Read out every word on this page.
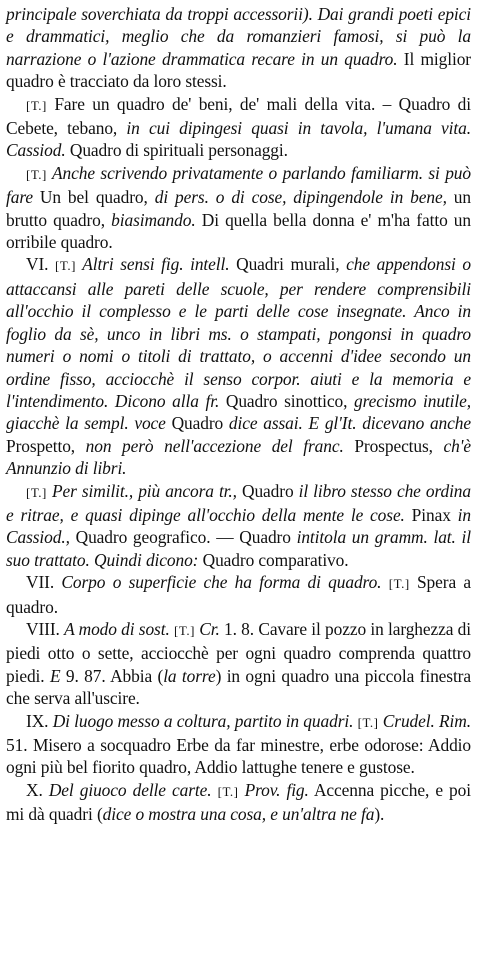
principale soverchiata da troppi accessorii). Dai grandi poeti epici e drammatici, meglio che da romanzieri famosi, si può la narrazione o l'azione drammatica recare in un quadro. Il miglior quadro è tracciato da loro stessi.

[T.] Fare un quadro de' beni, de' mali della vita. – Quadro di Cebete, tebano, in cui dipingesi quasi in tavola, l'umana vita. Cassiod. Quadro di spirituali personaggi.

[T.] Anche scrivendo privatamente o parlando familiarm. si può fare Un bel quadro, di pers. o di cose, dipingendole in bene, un brutto quadro, biasimando. Di quella bella donna e' m'ha fatto un orribile quadro.

VI. [T.] Altri sensi fig. intell. Quadri murali, che appendonsi o attaccansi alle pareti delle scuole, per rendere comprensibili all'occhio il complesso e le parti delle cose insegnate. Anco in foglio da sè, unco in libri ms. o stampati, pongonsi in quadro numeri o nomi o titoli di trattato, o accenni d'idee secondo un ordine fisso, acciocchè il senso corpor. aiuti e la memoria e l'intendimento. Dicono alla fr. Quadro sinottico, grecismo inutile, giacchè la sempl. voce Quadro dice assai. E gl'It. dicevano anche Prospetto, non però nell'accezione del franc. Prospectus, ch'è Annunzio di libri.

[T.] Per similit., più ancora tr., Quadro il libro stesso che ordina e ritrae, e quasi dipinge all'occhio della mente le cose. Pinax in Cassiod., Quadro geografico. — Quadro intitola un gramm. lat. il suo trattato. Quindi dicono: Quadro comparativo.

VII. Corpo o superficie che ha forma di quadro. [T.] Spera a quadro.

VIII. A modo di sost. [T.] Cr. 1. 8. Cavare il pozzo in larghezza di piedi otto o sette, acciocchè per ogni quadro comprenda quattro piedi. E 9. 87. Abbia (la torre) in ogni quadro una piccola finestra che serva all'uscire.

IX. Di luogo messo a coltura, partito in quadri. [T.] Crudel. Rim. 51. Misero a socquadro Erbe da far minestre, erbe odorose: Addio ogni più bel fiorito quadro, Addio lattughe tenere e gustose.

X. Del giuoco delle carte. [T.] Prov. fig. Accenna picche, e poi mi dà quadri (dice o mostra una cosa, e un'altra ne fa).
